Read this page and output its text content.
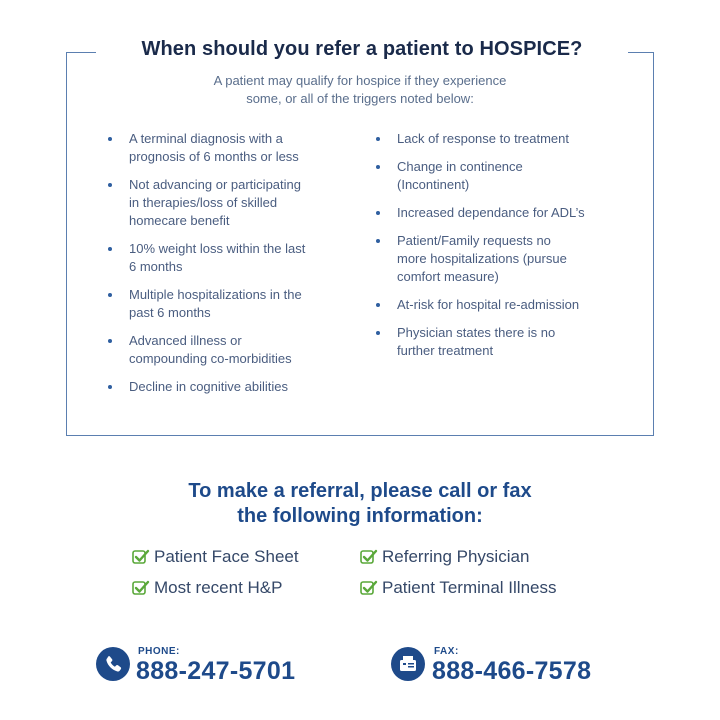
When should you refer a patient to HOSPICE?
A patient may qualify for hospice if they experience
some, or all of the triggers noted below:
A terminal diagnosis with a
prognosis of 6 months or less
Not advancing or participating
in therapies/loss of skilled
homecare benefit
10% weight loss within the last
6 months
Multiple hospitalizations in the
past 6 months
Advanced illness or
compounding co-morbidities
Decline in cognitive abilities
Lack of response to treatment
Change in continence
(Incontinent)
Increased dependance for ADL’s
Patient/Family requests no
more hospitalizations (pursue
comfort measure)
At-risk for hospital re-admission
Physician states there is no
further treatment
To make a referral, please call or fax
the following information:
Patient Face Sheet	Referring Physician
Most recent H&P	Patient Terminal Illness
PHONE:
888-247-5701
FAX:
888-466-7578
